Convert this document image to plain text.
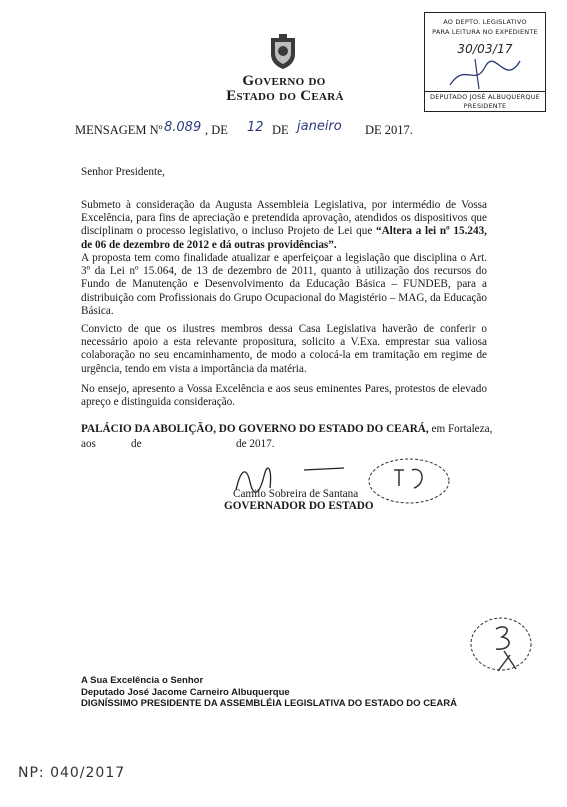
AO DEPTO. LEGISLATIVO
PARA LEITURA NO EXPEDIENTE
30/03/17
DEPUTADO JOSÉ ALBUQUERQUE
PRESIDENTE
Governo do
Estado do Ceará
MENSAGEM Nº 8.089 , DE 12 DE janeiro DE 2017.
Senhor Presidente,
Submeto à consideração da Augusta Assembleia Legislativa, por intermédio de Vossa Excelência, para fins de apreciação e pretendida aprovação, atendidos os dispositivos que disciplinam o processo legislativo, o incluso Projeto de Lei que “Altera a lei nº 15.243, de 06 de dezembro de 2012 e dá outras providências”.
A proposta tem como finalidade atualizar e aperfeiçoar a legislação que disciplina o Art. 3º da Lei nº 15.064, de 13 de dezembro de 2011, quanto à utilização dos recursos do Fundo de Manutenção e Desenvolvimento da Educação Básica – FUNDEB, para a distribuição com Profissionais do Grupo Ocupacional do Magistério – MAG, da Educação Básica.
Convicto de que os ilustres membros dessa Casa Legislativa haverão de conferir o necessário apoio a esta relevante propositura, solicito a V.Exa. emprestar sua valiosa colaboração no seu encaminhamento, de modo a colocá-la em tramitação em regime de urgência, tendo em vista a importância da matéria.
No ensejo, apresento a Vossa Excelência e aos seus eminentes Pares, protestos de elevado apreço e distinguida consideração.
PALÁCIO DA ABOLIÇÃO, DO GOVERNO DO ESTADO DO CEARÁ, em Fortaleza,
aos	de	de 2017.
Camilo Sobreira de Santana
GOVERNADOR DO ESTADO
A Sua Excelência o Senhor
Deputado José Jacome Carneiro Albuquerque
DIGNÍSSIMO PRESIDENTE DA ASSEMBLÉIA LEGISLATIVA DO ESTADO DO CEARÁ
NP: 040/2017
